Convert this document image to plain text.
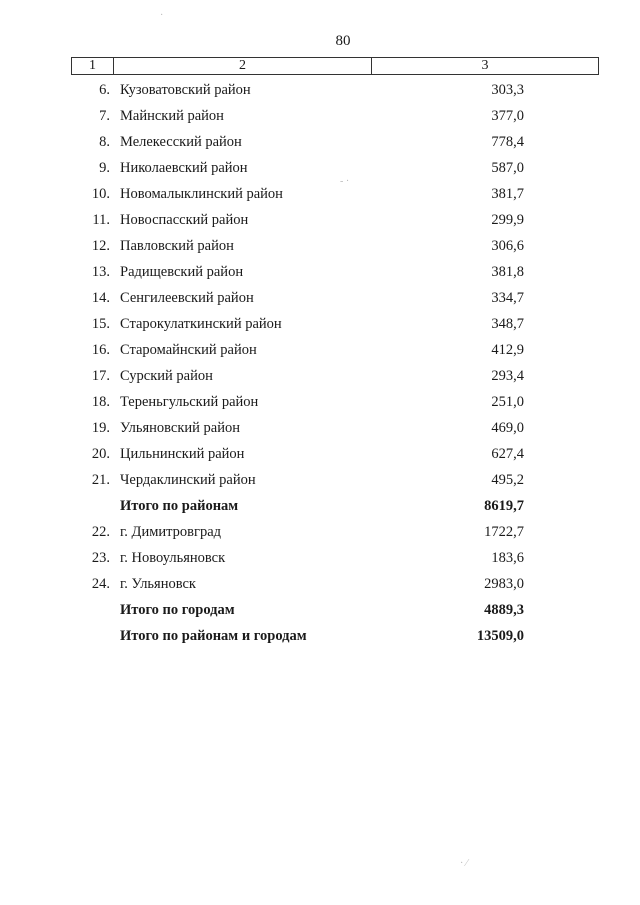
80
1	2	3
6. Кузоватовский район	303,3
7. Майнский район	377,0
8. Мелекесский район	778,4
9. Николаевский район	587,0
10. Новомалыклинский район	381,7
11. Новоспасский район	299,9
12. Павловский район	306,6
13. Радищевский район	381,8
14. Сенгилеевский район	334,7
15. Старокулаткинский район	348,7
16. Старомайнский район	412,9
17. Сурский район	293,4
18. Тереньгульский район	251,0
19. Ульяновский район	469,0
20. Цильнинский район	627,4
21. Чердаклинский район	495,2
Итого по районам	8619,7
22. г. Димитровград	1722,7
23. г. Новоульяновск	183,6
24. г. Ульяновск	2983,0
Итого по городам	4889,3
Итого по районам и городам	13509,0
·
- ·
· ⁄
